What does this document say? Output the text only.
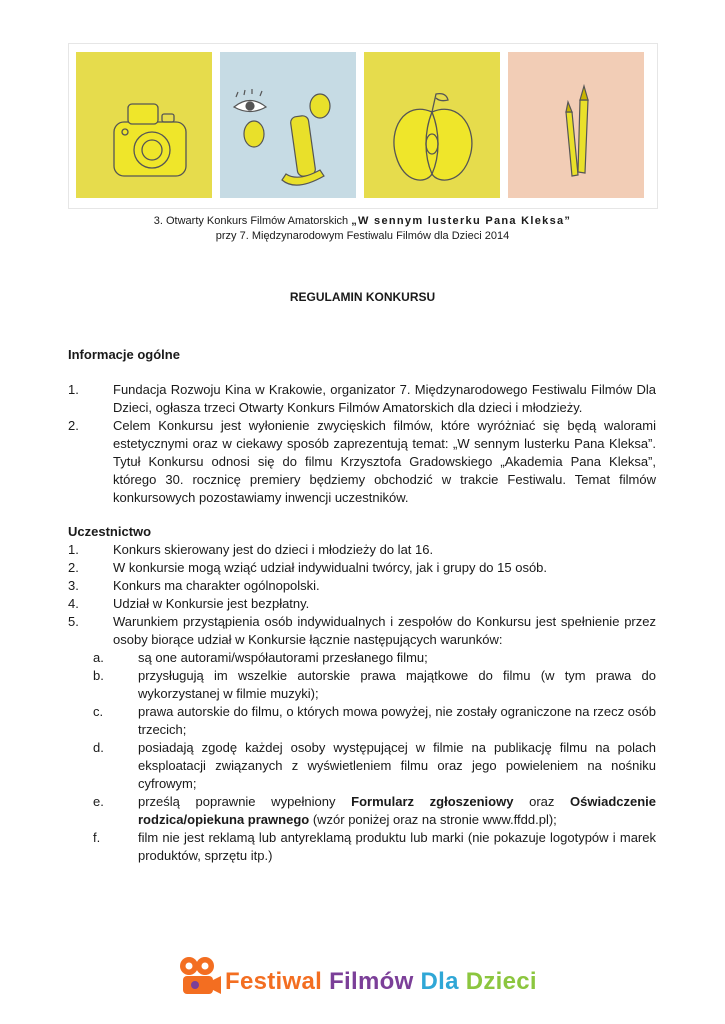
3. Otwarty Konkurs Filmów Amatorskich „W sennym lusterku Pana Kleksa”
przy 7. Międzynarodowym Festiwalu Filmów dla Dzieci 2014
REGULAMIN KONKURSU
Informacje ogólne
1.	Fundacja Rozwoju Kina w Krakowie, organizator 7. Międzynarodowego Festiwalu Filmów Dla Dzieci, ogłasza trzeci Otwarty Konkurs Filmów Amatorskich dla dzieci i młodzieży.
2.	Celem Konkursu jest wyłonienie zwycięskich filmów, które wyróżniać się będą walorami estetycznymi oraz w ciekawy sposób zaprezentują temat: „W sennym lusterku Pana Kleksa”. Tytuł Konkursu odnosi się do filmu Krzysztofa Gradowskiego „Akademia Pana Kleksa”, którego 30. rocznicę premiery będziemy obchodzić w trakcie Festiwalu. Temat filmów konkursowych pozostawiamy inwencji uczestników.
Uczestnictwo
1.	Konkurs skierowany jest do dzieci i młodzieży do lat 16.
2.	W konkursie mogą wziąć udział indywidualni twórcy, jak i grupy do 15 osób.
3.	Konkurs ma charakter ogólnopolski.
4.	Udział w Konkursie jest bezpłatny.
5.	Warunkiem przystąpienia osób indywidualnych i zespołów do Konkursu jest spełnienie przez osoby biorące udział w Konkursie łącznie następujących warunków:
a.	są one autorami/współautorami przesłanego filmu;
b.	przysługują im wszelkie autorskie prawa majątkowe do filmu (w tym prawa do wykorzystanej w filmie muzyki);
c.	prawa autorskie do filmu, o których mowa powyżej, nie zostały ograniczone na rzecz osób trzecich;
d.	posiadają zgodę każdej osoby występującej w filmie na publikację filmu na polach eksploatacji związanych z wyświetleniem filmu oraz jego powieleniem na nośniku cyfrowym;
e.	prześlą poprawnie wypełniony Formularz zgłoszeniowy oraz Oświadczenie rodzica/opiekuna prawnego (wzór poniżej oraz na stronie www.ffdd.pl);
f.	film nie jest reklamą lub antyreklamą produktu lub marki (nie pokazuje logotypów i marek produktów, sprzętu itp.)
Festiwal Filmów Dla Dzieci
